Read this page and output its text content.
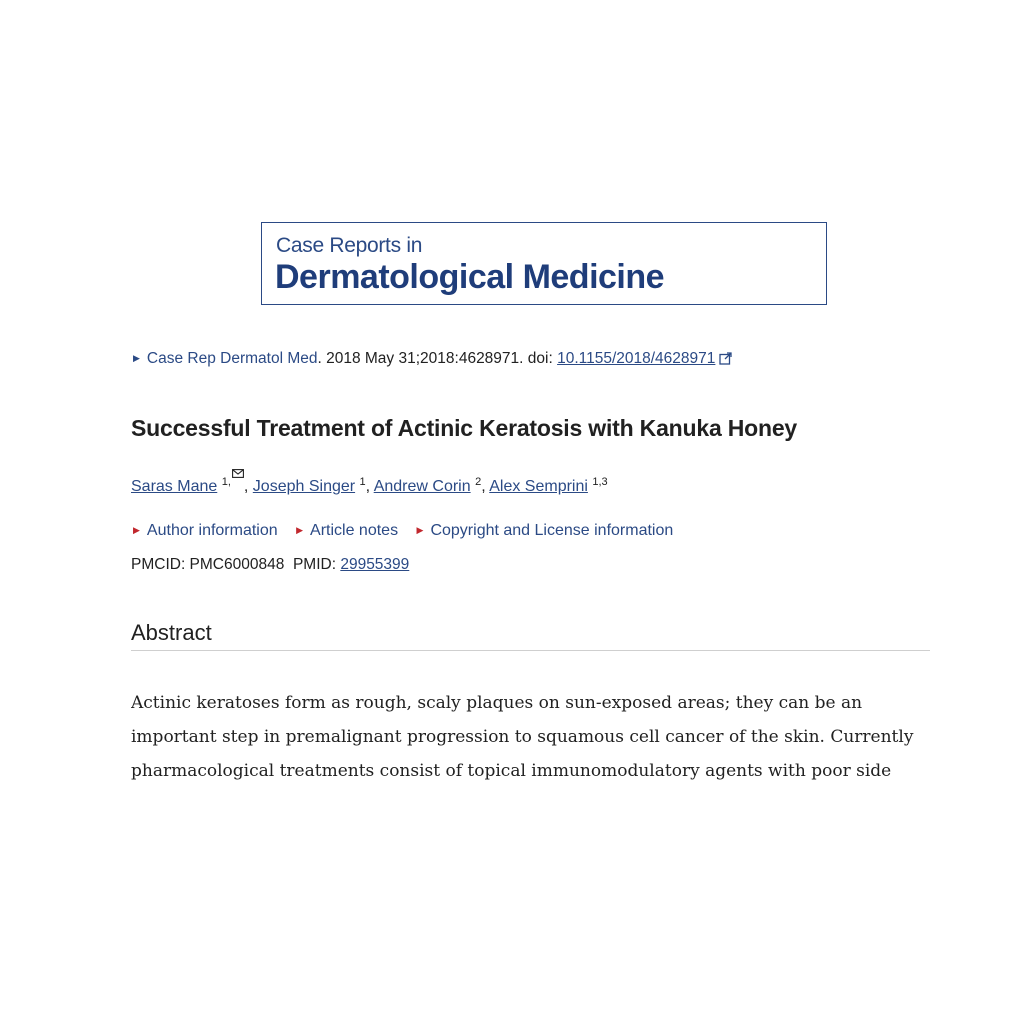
Case Reports in
Dermatological Medicine
▶ Case Rep Dermatol Med. 2018 May 31;2018:4628971. doi: 10.1155/2018/4628971
Successful Treatment of Actinic Keratosis with Kanuka Honey
Saras Mane $^{1,}$ , Joseph Singer $^1$, Andrew Corin $^2$, Alex Semprini $^{1,3}$
▶ Author information ▶ Article notes ▶ Copyright and License information
PMCID: PMC6000848  PMID: 29955399
Abstract
Actinic keratoses form as rough, scaly plaques on sun-exposed areas; they can be an
important step in premalignant progression to squamous cell cancer of the skin. Currently
pharmacological treatments consist of topical immunomodulatory agents with poor side
